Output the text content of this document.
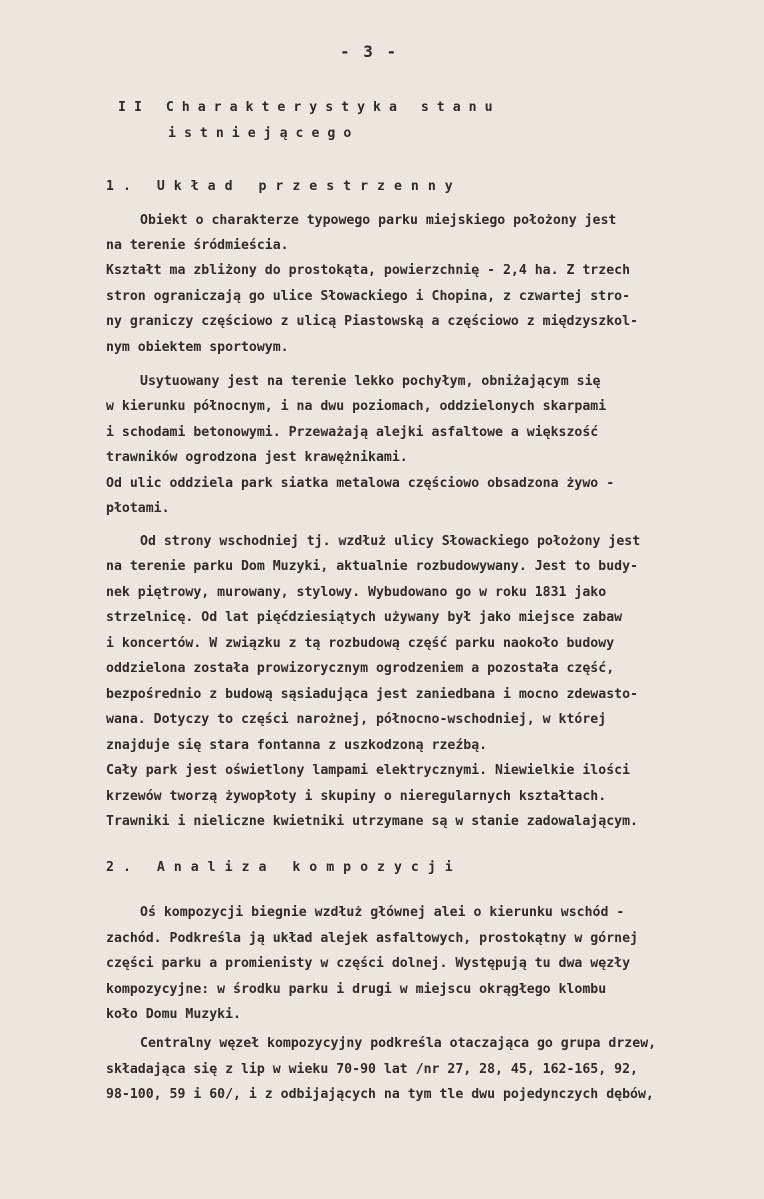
- 3 -
II Charakterystyka stanu
istniejącego
1. Układ przestrzenny
Obiekt o charakterze typowego parku miejskiego położony jest
na terenie śródmieścia.
Kształt ma zbliżony do prostokąta, powierzchnię - 2,4 ha. Z trzech
stron ograniczają go ulice Słowackiego i Chopina, z czwartej stro-
ny graniczy częściowo z ulicą Piastowską a częściowo z międzyszkol-
nym obiektem sportowym.
Usytuowany jest na terenie lekko pochyłym, obniżającym się
w kierunku północnym, i na dwu poziomach, oddzielonych skarpami
i schodami betonowymi. Przeważają alejki asfaltowe a większość
trawników ogrodzona jest krawężnikami.
Od ulic oddziela park siatka metalowa częściowo obsadzona żywo -
płotami.
Od strony wschodniej tj. wzdłuż ulicy Słowackiego położony jest
na terenie parku Dom Muzyki, aktualnie rozbudowywany. Jest to budy-
nek piętrowy, murowany, stylowy. Wybudowano go w roku 1831 jako
strzelnicę. Od lat pięćdziesiątych używany był jako miejsce zabaw
i koncertów. W związku z tą rozbudową część parku naokoło budowy
oddzielona została prowizorycznym ogrodzeniem a pozostała część,
bezpośrednio z budową sąsiadująca jest zaniedbana i mocno zdewasto-
wana. Dotyczy to części narożnej, północno-wschodniej, w której
znajduje się stara fontanna z uszkodzoną rzeźbą.
Cały park jest oświetlony lampami elektrycznymi. Niewielkie ilości
krzewów tworzą żywopłoty i skupiny o nieregularnych kształtach.
Trawniki i nieliczne kwietniki utrzymane są w stanie zadowalającym.
2. Analiza kompozycji
Oś kompozycji biegnie wzdłuż głównej alei o kierunku wschód -
zachód. Podkreśla ją układ alejek asfaltowych, prostokątny w górnej
części parku a promienisty w części dolnej. Występują tu dwa węzły
kompozycyjne: w środku parku i drugi w miejscu okrągłego klombu
koło Domu Muzyki.
Centralny węzeł kompozycyjny podkreśla otaczająca go grupa drzew,
składająca się z lip w wieku 70-90 lat /nr 27, 28, 45, 162-165, 92,
98-100, 59 i 60/, i z odbijających na tym tle dwu pojedynczych dębów,
